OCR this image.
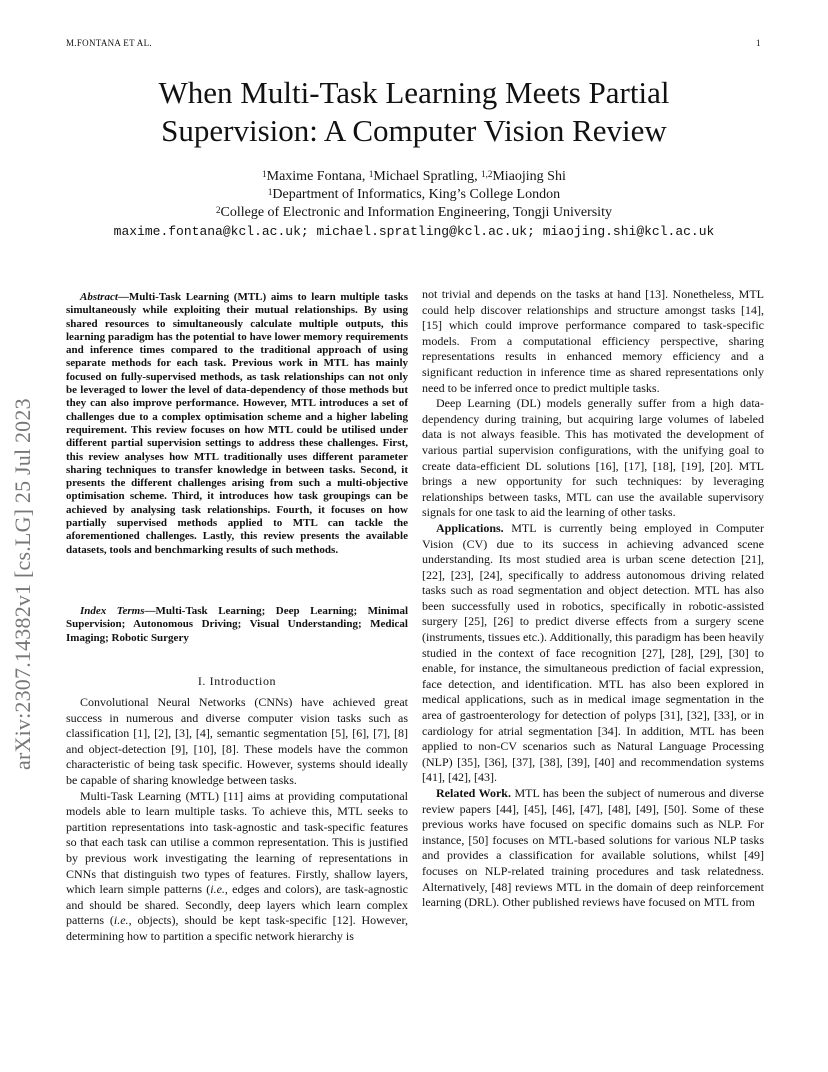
M.FONTANA ET AL.	1
arXiv:2307.14382v1 [cs.LG] 25 Jul 2023
When Multi-Task Learning Meets Partial
Supervision: A Computer Vision Review
$^1$Maxime Fontana, $^1$Michael Spratling, $^{1,2}$Miaojing Shi
$^1$Department of Informatics, King’s College London
$^2$College of Electronic and Information Engineering, Tongji University
maxime.fontana@kcl.ac.uk; michael.spratling@kcl.ac.uk; miaojing.shi@kcl.ac.uk

Abstract—Multi-Task Learning (MTL) aims to learn multiple tasks simultaneously while exploiting their mutual relationships. By using shared resources to simultaneously calculate multiple outputs, this learning paradigm has the potential to have lower memory requirements and inference times compared to the traditional approach of using separate methods for each task. Previous work in MTL has mainly focused on fully-supervised methods, as task relationships can not only be leveraged to lower the level of data-dependency of those methods but they can also improve performance. However, MTL introduces a set of challenges due to a complex optimisation scheme and a higher labeling requirement. This review focuses on how MTL could be utilised under different partial supervision settings to address these challenges. First, this review analyses how MTL traditionally uses different parameter sharing techniques to transfer knowledge in between tasks. Second, it presents the different challenges arising from such a multi-objective optimisation scheme. Third, it introduces how task groupings can be achieved by analysing task relationships. Fourth, it focuses on how partially supervised methods applied to MTL can tackle the aforementioned challenges. Lastly, this review presents the available datasets, tools and benchmarking results of such methods.

Index Terms—Multi-Task Learning; Deep Learning; Minimal Supervision; Autonomous Driving; Visual Understanding; Medical Imaging; Robotic Surgery

I. Introduction

Convolutional Neural Networks (CNNs) have achieved great success in numerous and diverse computer vision tasks such as classification [1], [2], [3], [4], semantic segmentation [5], [6], [7], [8] and object-detection [9], [10], [8]. These models have the common characteristic of being task specific. However, systems should ideally be capable of sharing knowledge between tasks.

Multi-Task Learning (MTL) [11] aims at providing computational models able to learn multiple tasks. To achieve this, MTL seeks to partition representations into task-agnostic and task-specific features so that each task can utilise a common representation. This is justified by previous work investigating the learning of representations in CNNs that distinguish two types of features. Firstly, shallow layers, which learn simple patterns (i.e., edges and colors), are task-agnostic and should be shared. Secondly, deep layers which learn complex patterns (i.e., objects), should be kept task-specific [12]. However, determining how to partition a specific network hierarchy is

not trivial and depends on the tasks at hand [13]. Nonetheless, MTL could help discover relationships and structure amongst tasks [14], [15] which could improve performance compared to task-specific models. From a computational efficiency perspective, sharing representations results in enhanced memory efficiency and a significant reduction in inference time as shared representations only need to be inferred once to predict multiple tasks.

Deep Learning (DL) models generally suffer from a high data-dependency during training, but acquiring large volumes of labeled data is not always feasible. This has motivated the development of various partial supervision configurations, with the unifying goal to create data-efficient DL solutions [16], [17], [18], [19], [20]. MTL brings a new opportunity for such techniques: by leveraging relationships between tasks, MTL can use the available supervisory signals for one task to aid the learning of other tasks.

Applications. MTL is currently being employed in Computer Vision (CV) due to its success in achieving advanced scene understanding. Its most studied area is urban scene detection [21], [22], [23], [24], specifically to address autonomous driving related tasks such as road segmentation and object detection. MTL has also been successfully used in robotics, specifically in robotic-assisted surgery [25], [26] to predict diverse effects from a surgery scene (instruments, tissues etc.). Additionally, this paradigm has been heavily studied in the context of face recognition [27], [28], [29], [30] to enable, for instance, the simultaneous prediction of facial expression, face detection, and identification. MTL has also been explored in medical applications, such as in medical image segmentation in the area of gastroenterology for detection of polyps [31], [32], [33], or in cardiology for atrial segmentation [34]. In addition, MTL has been applied to non-CV scenarios such as Natural Language Processing (NLP) [35], [36], [37], [38], [39], [40] and recommendation systems [41], [42], [43].

Related Work. MTL has been the subject of numerous and diverse review papers [44], [45], [46], [47], [48], [49], [50]. Some of these previous works have focused on specific domains such as NLP. For instance, [50] focuses on MTL-based solutions for various NLP tasks and provides a classification for available solutions, whilst [49] focuses on NLP-related training procedures and task relatedness. Alternatively, [48] reviews MTL in the domain of deep reinforcement learning (DRL). Other published reviews have focused on MTL from
